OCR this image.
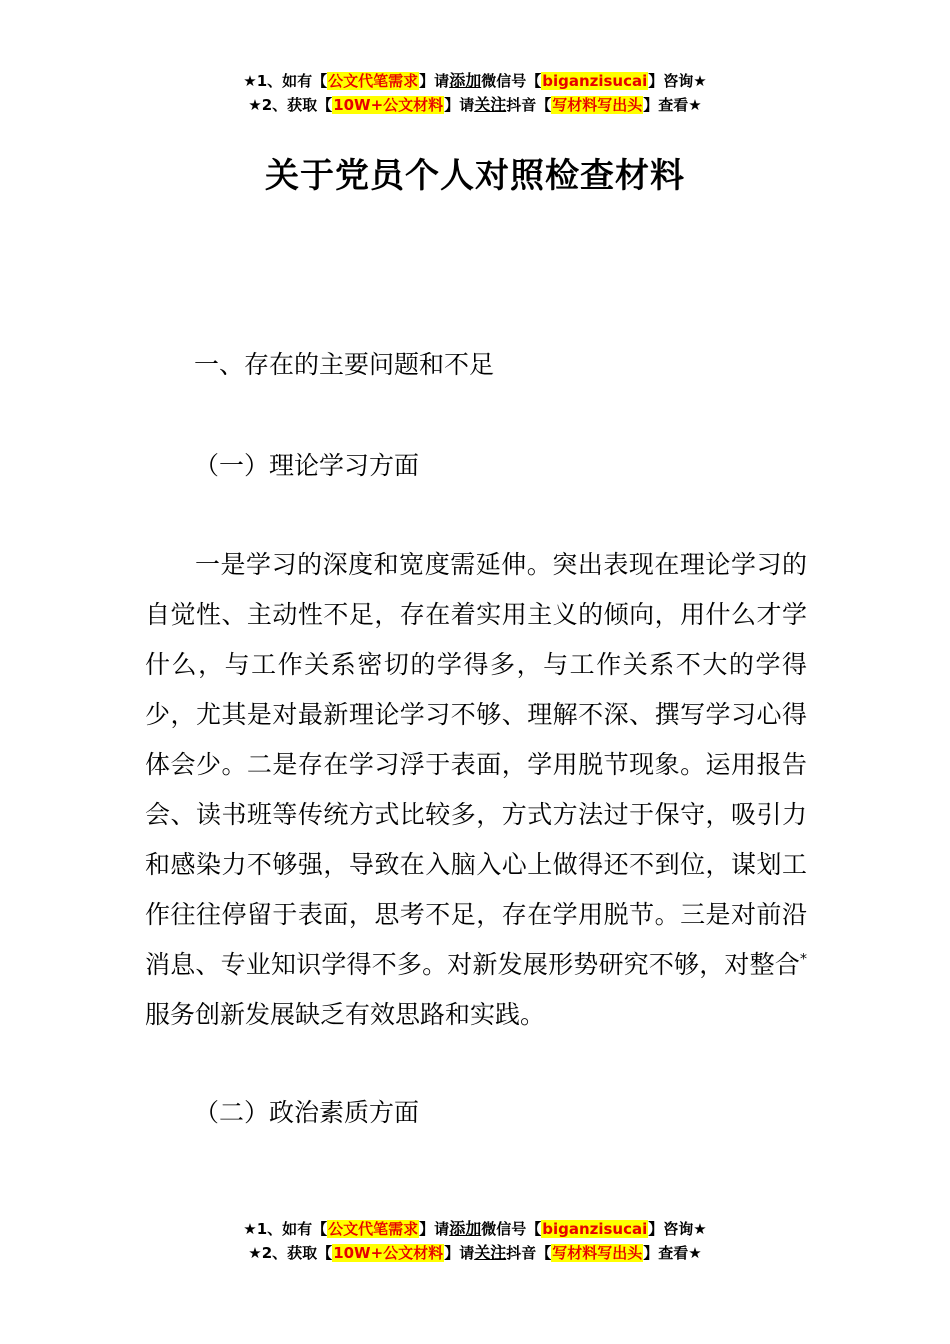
★1、如有【公文代笔需求】请添加微信号【biganzisucai】咨询★
★2、获取【10W+公文材料】请关注抖音【写材料写出头】查看★
关于党员个人对照检查材料
一、存在的主要问题和不足
（一）理论学习方面
一是学习的深度和宽度需延伸。突出表现在理论学习的自觉性、主动性不足，存在着实用主义的倾向，用什么才学什么，与工作关系密切的学得多，与工作关系不大的学得少，尤其是对最新理论学习不够、理解不深、撰写学习心得体会少。二是存在学习浮于表面，学用脱节现象。运用报告会、读书班等传统方式比较多，方式方法过于保守，吸引力和感染力不够强，导致在入脑入心上做得还不到位，谋划工作往往停留于表面，思考不足，存在学用脱节。三是对前沿消息、专业知识学得不多。对新发展形势研究不够，对整合*服务创新发展缺乏有效思路和实践。
（二）政治素质方面
★1、如有【公文代笔需求】请添加微信号【biganzisucai】咨询★
★2、获取【10W+公文材料】请关注抖音【写材料写出头】查看★
